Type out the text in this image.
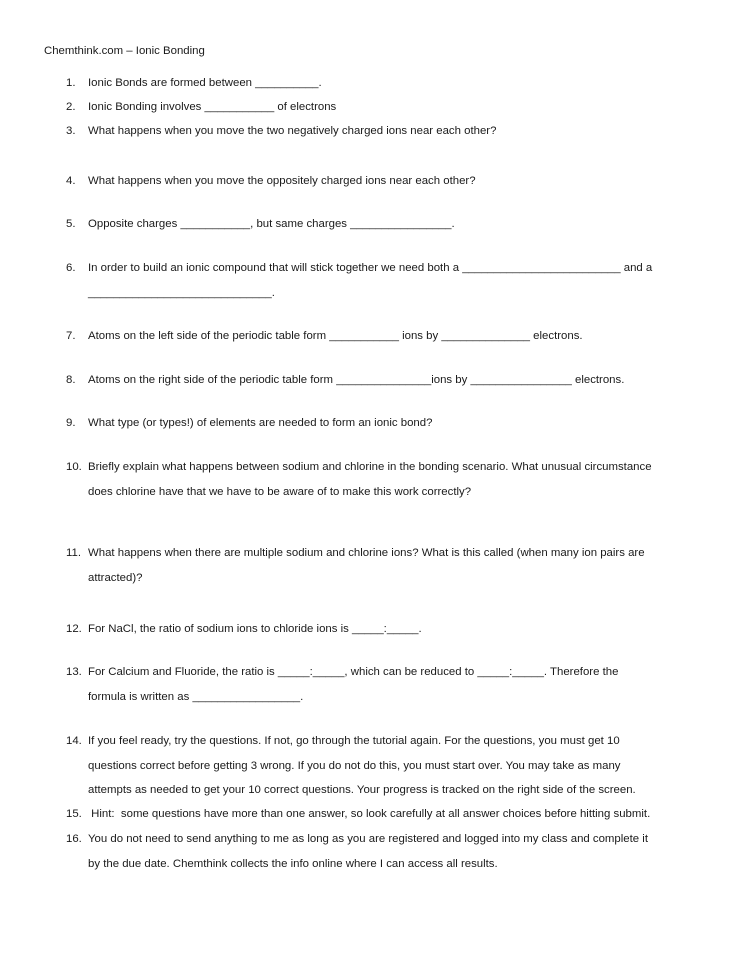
Chemthink.com – Ionic Bonding
1. Ionic Bonds are formed between __________.
2. Ionic Bonding involves ___________ of electrons
3. What happens when you move the two negatively charged ions near each other?
4. What happens when you move the oppositely charged ions near each other?
5. Opposite charges ___________, but same charges ________________.
6. In order to build an ionic compound that will stick together we need both a _________________________ and a
_____________________________.
7. Atoms on the left side of the periodic table form ___________ ions by ______________ electrons.
8. Atoms on the right side of the periodic table form _______________ions by ________________ electrons.
9. What type (or types!) of elements are needed to form an ionic bond?
10. Briefly explain what happens between sodium and chlorine in the bonding scenario. What unusual circumstance
does chlorine have that we have to be aware of to make this work correctly?
11. What happens when there are multiple sodium and chlorine ions? What is this called (when many ion pairs are
attracted)?
12. For NaCl, the ratio of sodium ions to chloride ions is _____:_____.
13. For Calcium and Fluoride, the ratio is _____:_____, which can be reduced to _____:_____. Therefore the
formula is written as _________________.
14. If you feel ready, try the questions. If not, go through the tutorial again. For the questions, you must get 10
questions correct before getting 3 wrong. If you do not do this, you must start over. You may take as many
attempts as needed to get your 10 correct questions. Your progress is tracked on the right side of the screen.
15. Hint:  some questions have more than one answer, so look carefully at all answer choices before hitting submit.
16. You do not need to send anything to me as long as you are registered and logged into my class and complete it
by the due date. Chemthink collects the info online where I can access all results.
